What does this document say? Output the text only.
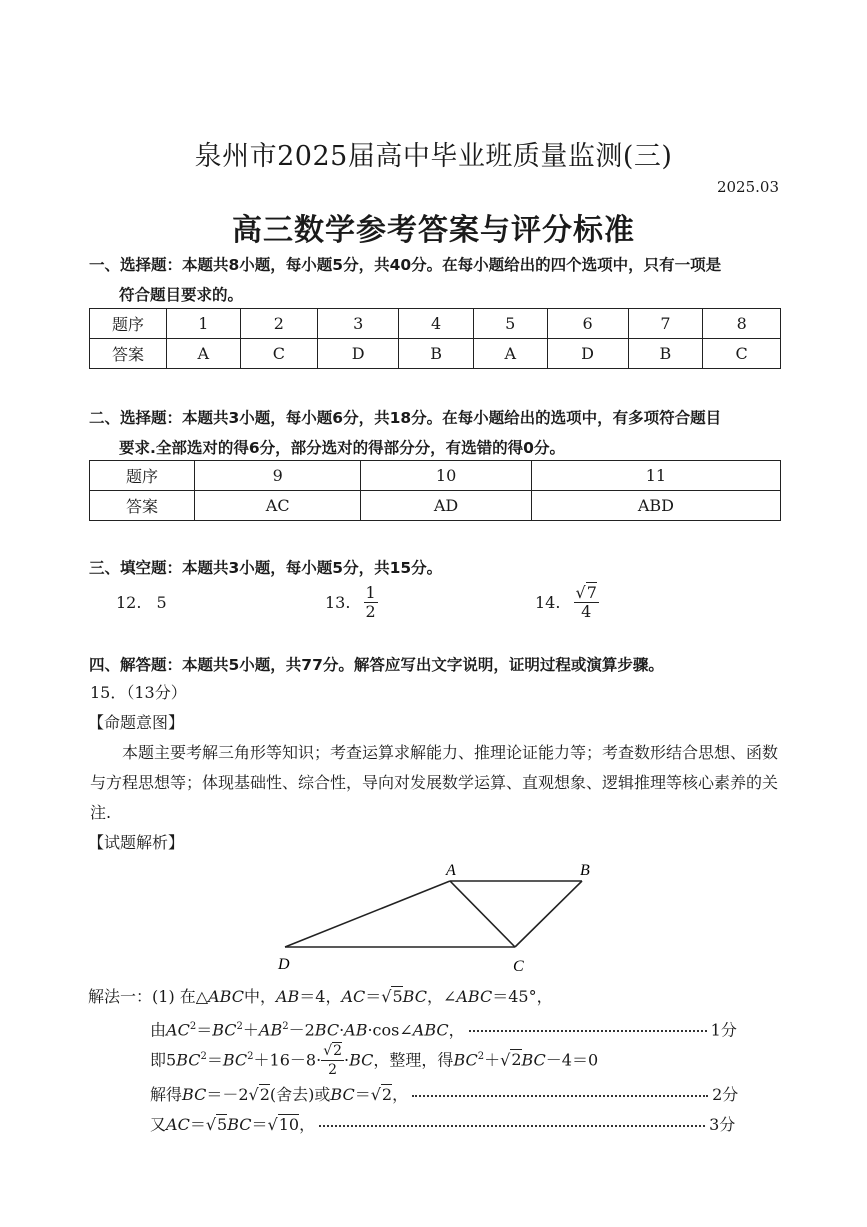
泉州市2025届高中毕业班质量监测(三)
2025.03
高三数学参考答案与评分标准
一、选择题：本题共8小题，每小题5分，共40分。在每小题给出的四个选项中，只有一项是
符合题目要求的。
题序	1	2	3	4	5	6	7	8
答案	A	C	D	B	A	D	B	C
二、选择题：本题共3小题，每小题6分，共18分。在每小题给出的选项中，有多项符合题目
要求.全部选对的得6分，部分选对的得部分分，有选错的得0分。
题序	9	10	11
答案	AC	AD	ABD
三、填空题：本题共3小题，每小题5分，共15分。
12. 5	13. $\frac{1}{2}$	14. $\frac{√7}{4}$
四、解答题：本题共5小题，共77分。解答应写出文字说明，证明过程或演算步骤。
15．（13分）
【命题意图】
本题主要考解三角形等知识；考查运算求解能力、推理论证能力等；考查数形结合思想、函数与方程思想等；体现基础性、综合性，导向对发展数学运算、直观想象、逻辑推理等核心素养的关注.
【试题解析】
A	B
C
D
解法一：(1) 在△ABC中，AB＝4，AC＝√5BC，∠ABC＝45°，
由$AC^2=BC^2+AB^2-2BC\cdot AB\cdot\cos\angle ABC$，	1分
即$5BC^2=BC^2+16-8\cdot \frac{√2}{2} \cdot BC$，整理，得$BC^2+√2BC-4=0$
解得BC＝－2√2(舍去)或BC＝√2，	2分
又AC＝√5BC＝√10，	3分
